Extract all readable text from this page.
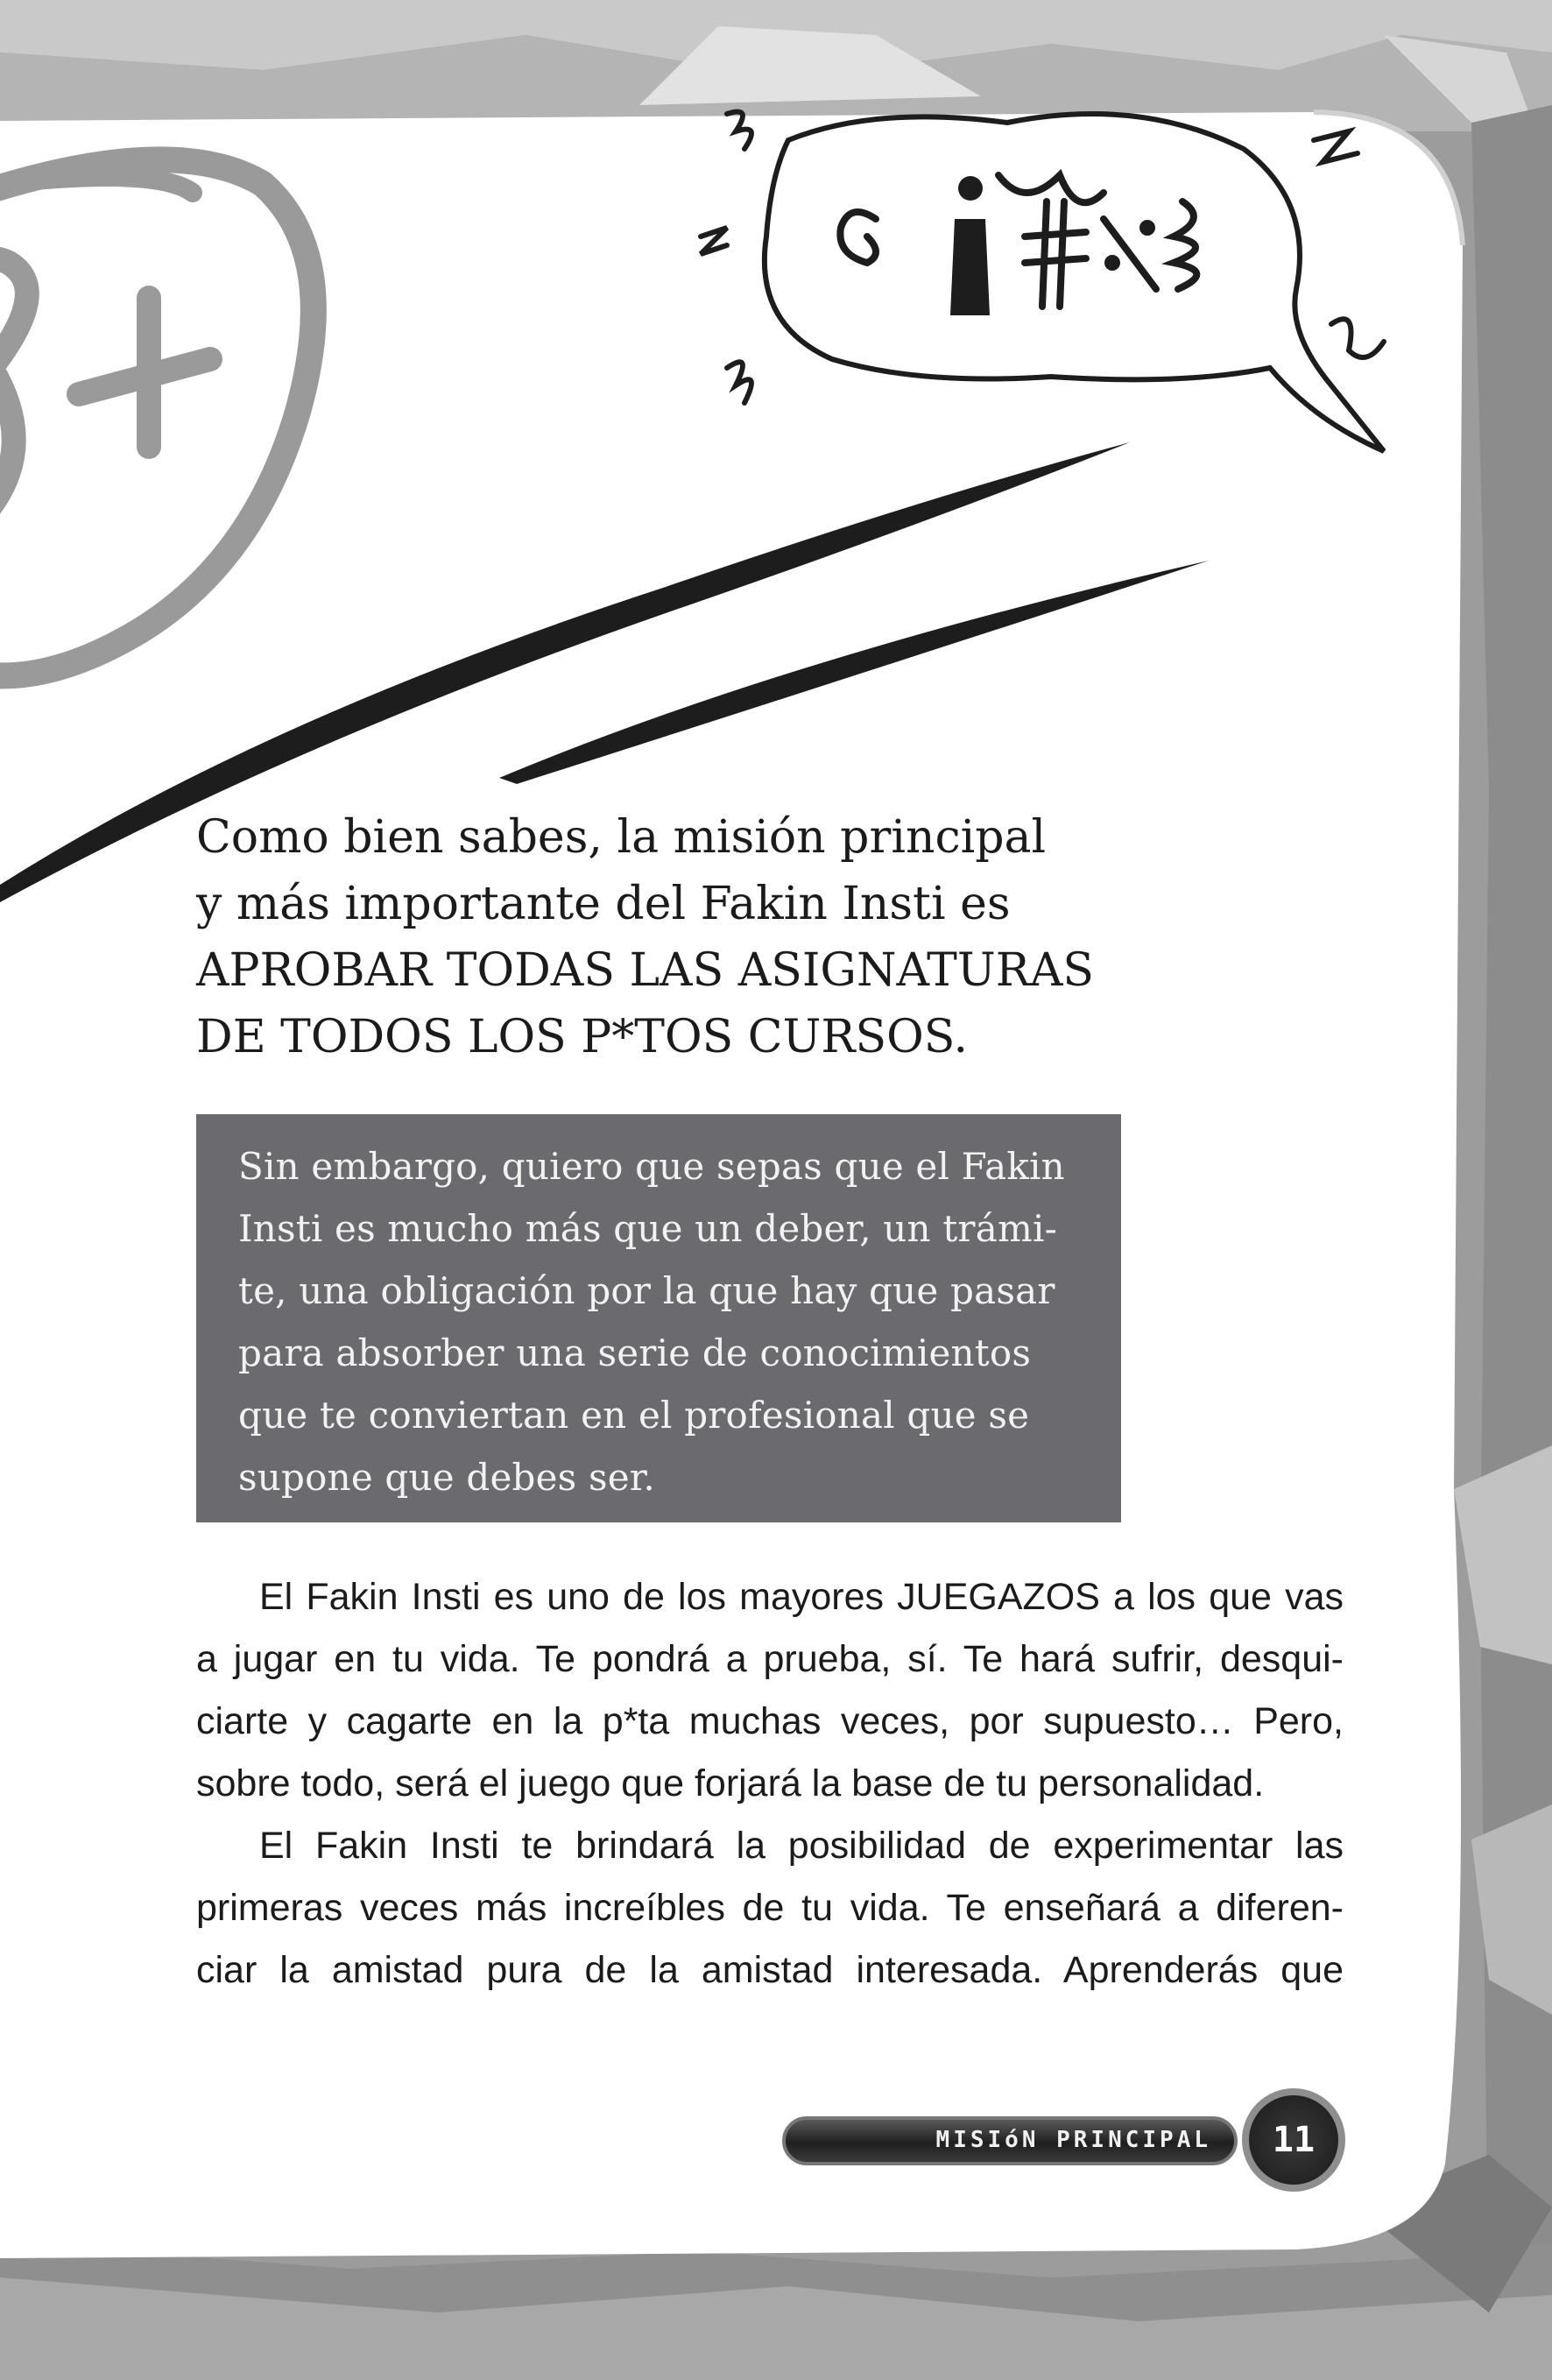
Como bien sabes, la misión principal
y más importante del Fakin Insti es
APROBAR TODAS LAS ASIGNATURAS
DE TODOS LOS P*TOS CURSOS.
Sin embargo, quiero que sepas que el Fakin
Insti es mucho más que un deber, un trámi-
te, una obligación por la que hay que pasar
para absorber una serie de conocimientos
que te conviertan en el profesional que se
supone que debes ser.
El Fakin Insti es uno de los mayores JUEGAZOS a los que vas
a jugar en tu vida. Te pondrá a prueba, sí. Te hará sufrir, desqui-
ciarte y cagarte en la p*ta muchas veces, por supuesto… Pero,
sobre todo, será el juego que forjará la base de tu personalidad.
El Fakin Insti te brindará la posibilidad de experimentar las
primeras veces más increíbles de tu vida. Te enseñará a diferen-
ciar la amistad pura de la amistad interesada. Aprenderás que
MISIóN PRINCIPAL 11
